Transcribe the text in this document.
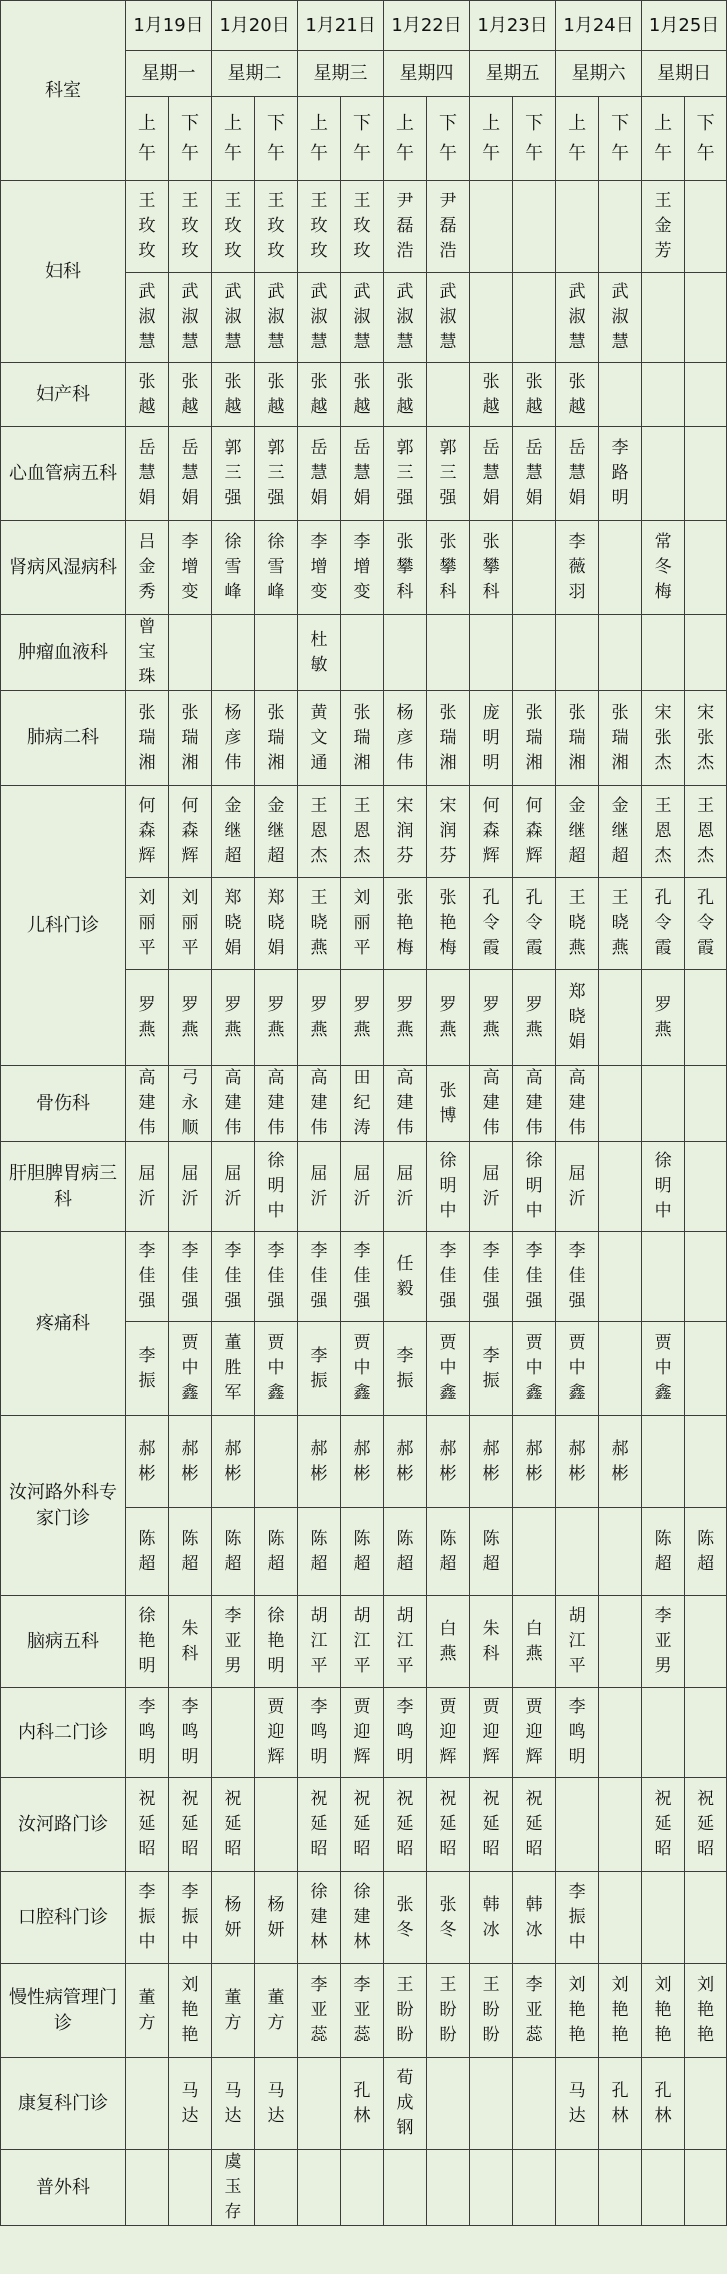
科室	1月19日		1月20日		1月21日		1月22日		1月23日		1月24日		1月25日	
	星期一		星期二		星期三		星期四		星期五		星期六		星期日	

	上午	下午	上午	下午	上午	下午	上午	下午	上午	下午	上午	下午	上午	下午

妇科	王玫玫	王玫玫	王玫玫	王玫玫	王玫玫	王玫玫	尹磊浩	尹磊浩					王金芳	

	武淑慧	武淑慧	武淑慧	武淑慧	武淑慧	武淑慧	武淑慧	武淑慧			武淑慧	武淑慧		

妇产科	张越	张越	张越	张越	张越	张越	张越		张越	张越	张越			

心血管病五科	岳慧娟	岳慧娟	郭三强	郭三强	岳慧娟	岳慧娟	郭三强	郭三强	岳慧娟	岳慧娟	岳慧娟	李路明		

肾病风湿病科	吕金秀	李增变	徐雪峰	徐雪峰	李增变	李增变	张攀科	张攀科	张攀科		李薇羽		常冬梅	

肿瘤血液科	曾宝珠				杜敏									

肺病二科	张瑞湘	张瑞湘	杨彦伟	张瑞湘	黄文通	张瑞湘	杨彦伟	张瑞湘	庞明明	张瑞湘	张瑞湘	张瑞湘	宋张杰	宋张杰

儿科门诊	何森辉	何森辉	金继超	金继超	王恩杰	王恩杰	宋润芬	宋润芬	何森辉	何森辉	金继超	金继超	王恩杰	王恩杰

	刘丽平	刘丽平	郑晓娟	郑晓娟	王晓燕	刘丽平	张艳梅	张艳梅	孔令霞	孔令霞	王晓燕	王晓燕	孔令霞	孔令霞

	罗燕	罗燕	罗燕	罗燕	罗燕	罗燕	罗燕	罗燕	罗燕	罗燕	郑晓娟		罗燕	

骨伤科	高建伟	弓永顺	高建伟	高建伟	高建伟	田纪涛	高建伟	张博	高建伟	高建伟	高建伟			

肝胆脾胃病三科	屈沂	屈沂	屈沂	徐明中	屈沂	屈沂	屈沂	徐明中	屈沂	徐明中	屈沂		徐明中	

疼痛科	李佳强	李佳强	李佳强	李佳强	李佳强	李佳强	任毅	李佳强	李佳强	李佳强	李佳强			

	李振	贾中鑫	董胜军	贾中鑫	李振	贾中鑫	李振	贾中鑫	李振	贾中鑫	贾中鑫		贾中鑫	

汝河路外科专家门诊	郝彬	郝彬	郝彬		郝彬	郝彬	郝彬	郝彬	郝彬	郝彬	郝彬	郝彬		

	陈超	陈超	陈超	陈超	陈超	陈超	陈超	陈超	陈超				陈超	陈超

脑病五科	徐艳明	朱科	李亚男	徐艳明	胡江平	胡江平	胡江平	白燕	朱科	白燕	胡江平		李亚男	

内科二门诊	李鸣明	李鸣明		贾迎辉	李鸣明	贾迎辉	李鸣明	贾迎辉	贾迎辉	贾迎辉	李鸣明			

汝河路门诊	祝延昭	祝延昭	祝延昭		祝延昭	祝延昭	祝延昭	祝延昭	祝延昭	祝延昭			祝延昭	祝延昭

口腔科门诊	李振中	李振中	杨妍	杨妍	徐建林	徐建林	张冬	张冬	韩冰	韩冰	李振中			

慢性病管理门诊	董方	刘艳艳	董方	董方	李亚蕊	李亚蕊	王盼盼	王盼盼	王盼盼	李亚蕊	刘艳艳	刘艳艳	刘艳艳	刘艳艳

康复科门诊		马达	马达	马达		孔林	荀成钢				马达	孔林	孔林	

普外科			虞玉存											
